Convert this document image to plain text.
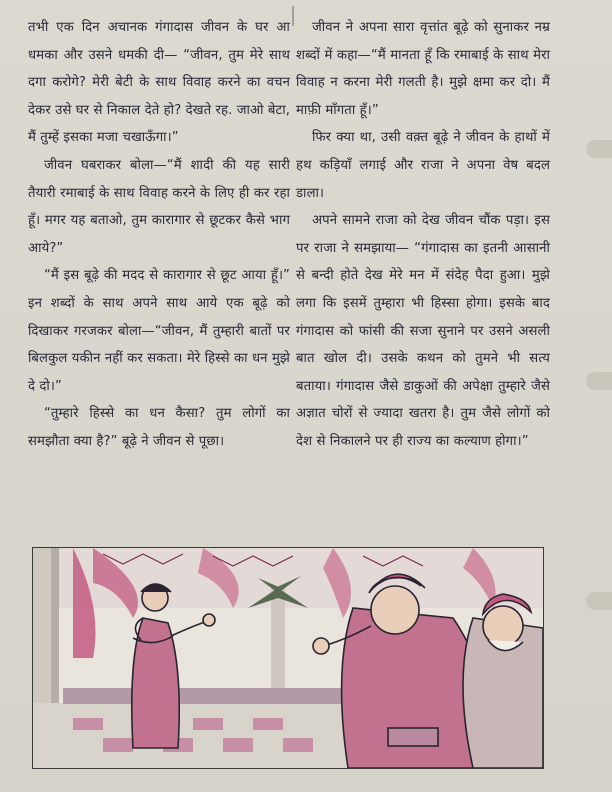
तभी एक दिन अचानक गंगादास जीवन के घर आ धमका और उसने धमकी दी— “जीवन, तुम मेरे साथ दगा करोगे? मेरी बेटी के साथ विवाह करने का वचन देकर उसे घर से निकाल देते हो? देखते रह. जाओ बेटा, मैं तुम्हें इसका मजा चखाऊँगा।”

जीवन घबराकर बोला—“मैं शादी की यह सारी तैयारी रमाबाई के साथ विवाह करने के लिए ही कर रहा हूँ। मगर यह बताओ, तुम कारागार से छूटकर कैसे भाग आये?”

“मैं इस बूढ़े की मदद से कारागार से छूट आया हूँ।” इन शब्दों के साथ अपने साथ आये एक बूढ़े को दिखाकर गरजकर बोला—“जीवन, मैं तुम्हारी बातों पर बिलकुल यकीन नहीं कर सकता। मेरे हिस्से का धन मुझे दे दो।”

“तुम्हारे हिस्से का धन कैसा? तुम लोगों का समझौता क्या है?” बूढ़े ने जीवन से पूछा।

जीवन ने अपना सारा वृत्तांत बूढ़े को सुनाकर नम्र शब्दों में कहा—“मैं मानता हूँ कि रमाबाई के साथ मेरा विवाह न करना मेरी गलती है। मुझे क्षमा कर दो। मैं माफ़ी माँगता हूँ।”

फिर क्या था, उसी वक़्त बूढ़े ने जीवन के हाथों में हथ कड़ियाँ लगाई और राजा ने अपना वेष बदल डाला।

अपने सामने राजा को देख जीवन चौंक पड़ा। इस पर राजा ने समझाया— “गंगादास का इतनी आसानी से बन्दी होते देख मेरे मन में संदेह पैदा हुआ। मुझे लगा कि इसमें तुम्हारा भी हिस्सा होगा। इसके बाद गंगादास को फांसी की सजा सुनाने पर उसने असली बात खोल दी। उसके कथन को तुमने भी सत्य बताया। गंगादास जैसे डाकुओं की अपेक्षा तुम्हारे जैसे अज्ञात चोरों से ज्यादा खतरा है। तुम जैसे लोगों को देश से निकालने पर ही राज्य का कल्याण होगा।”
